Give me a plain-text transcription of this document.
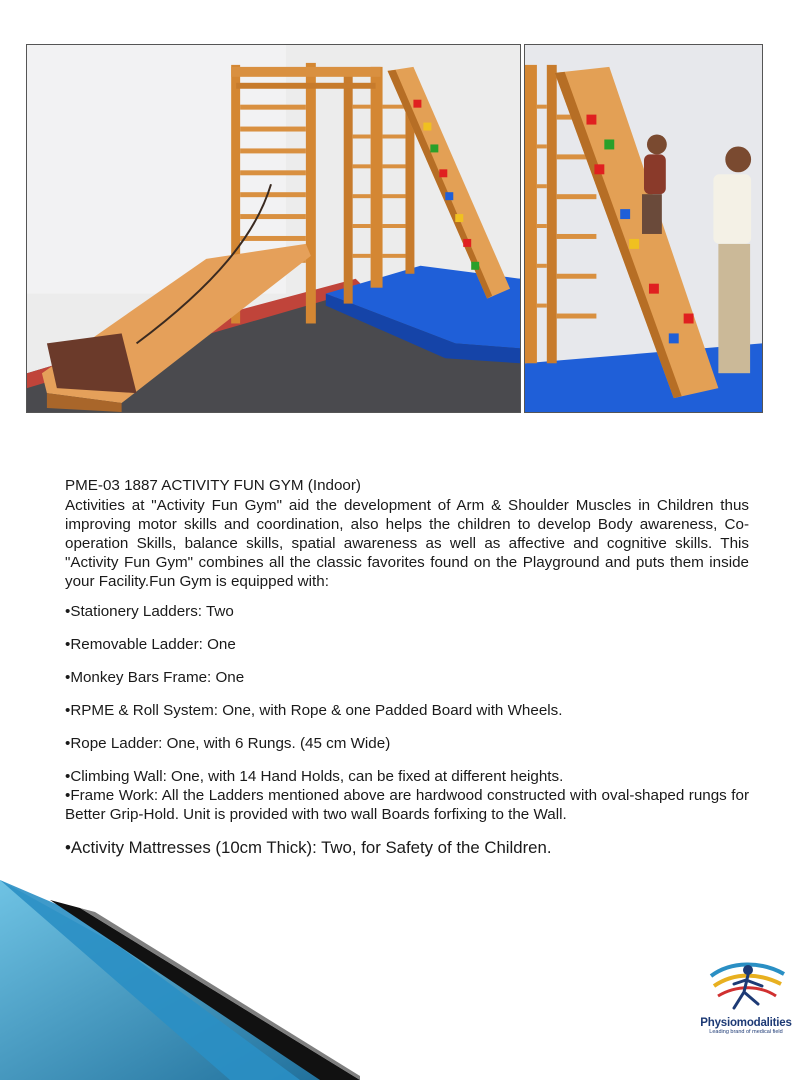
PME-03 1887 ACTIVITY FUN GYM (Indoor)

Activities at "Activity Fun Gym" aid the development of Arm & Shoulder Muscles in Children thus improving motor skills and coordination, also helps the children to develop Body awareness, Co-operation Skills, balance skills, spatial awareness as well as affective and cognitive skills. This "Activity Fun Gym" combines all the classic favorites found on the Playground and puts them inside your Facility.Fun Gym is equipped with:

•Stationery Ladders: Two

•Removable Ladder: One

•Monkey Bars Frame: One

•RPME & Roll System: One, with Rope & one Padded Board with Wheels.

•Rope Ladder: One, with 6 Rungs. (45 cm Wide)

•Climbing Wall: One, with 14 Hand Holds, can be fixed at different heights.

•Frame Work: All the Ladders mentioned above are hardwood constructed with oval-shaped rungs for Better Grip-Hold. Unit is provided with two wall Boards forfixing to the Wall.

•Activity Mattresses (10cm Thick): Two, for Safety of the Children.

Physiomodalities
Leading brand of medical field
